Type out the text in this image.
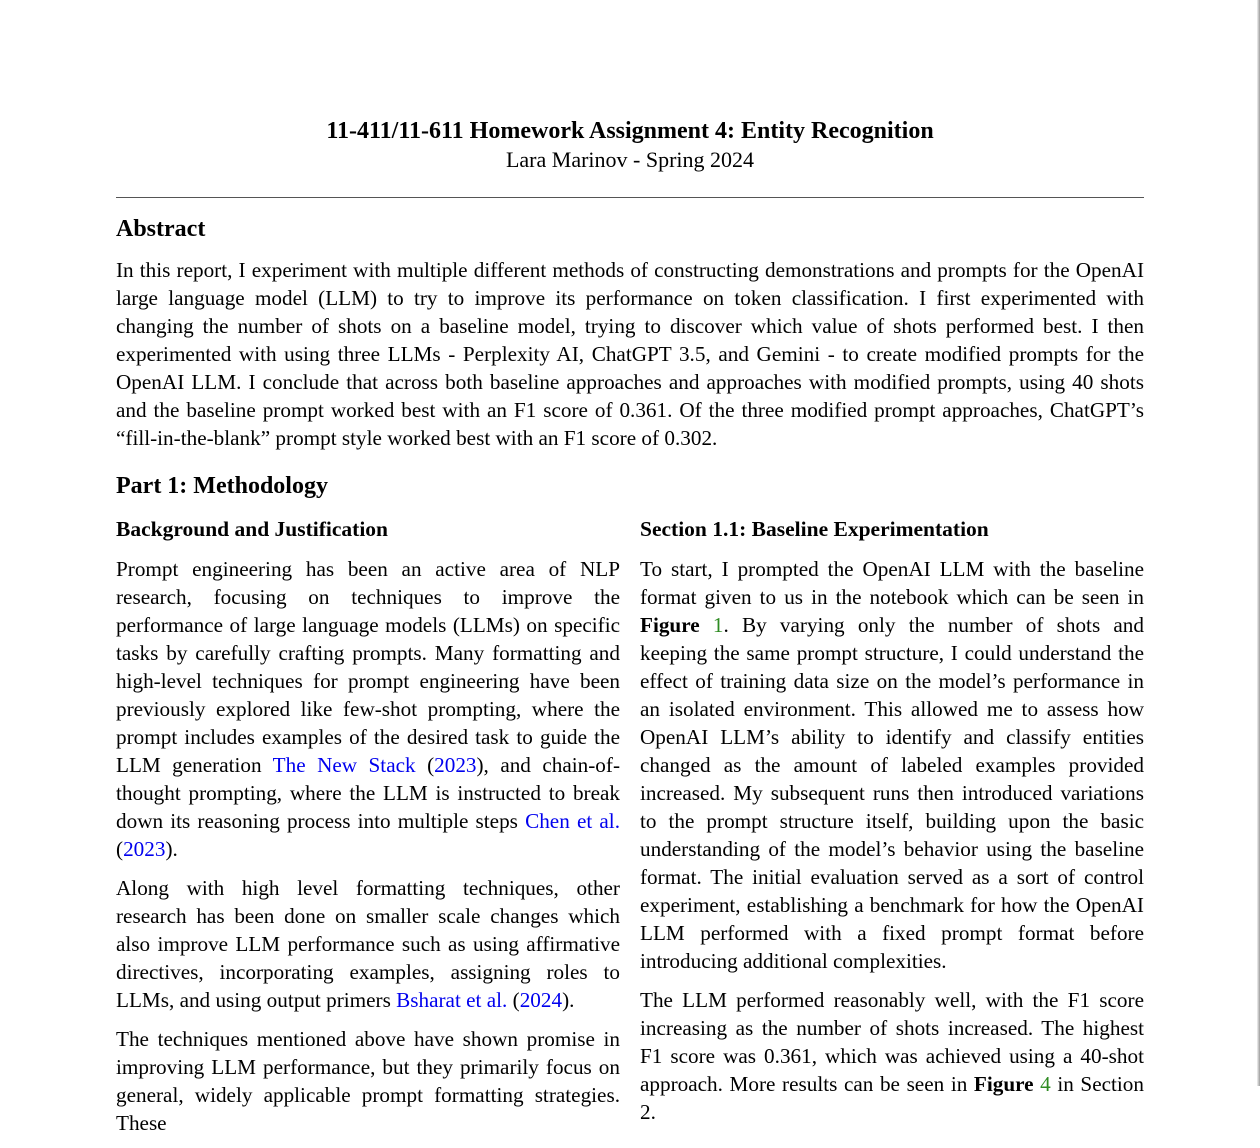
11-411/11-611 Homework Assignment 4: Entity Recognition
Lara Marinov - Spring 2024
Abstract

In this report, I experiment with multiple different methods of constructing demonstrations and prompts for the OpenAI large language model (LLM) to try to improve its performance on token classification. I first experimented with changing the number of shots on a baseline model, trying to discover which value of shots performed best. I then experimented with using three LLMs - Perplexity AI, ChatGPT 3.5, and Gemini - to create modified prompts for the OpenAI LLM. I conclude that across both baseline approaches and approaches with modified prompts, using 40 shots and the baseline prompt worked best with an F1 score of 0.361. Of the three modified prompt approaches, ChatGPT’s “fill-in-the-blank” prompt style worked best with an F1 score of 0.302.

Part 1: Methodology
Background and Justification

Prompt engineering has been an active area of NLP research, focusing on techniques to improve the performance of large language models (LLMs) on specific tasks by carefully crafting prompts. Many formatting and high-level techniques for prompt engineering have been previously explored like few-shot prompting, where the prompt includes examples of the desired task to guide the LLM generation The New Stack (2023), and chain-of-thought prompting, where the LLM is instructed to break down its reasoning process into multiple steps Chen et al. (2023).

Along with high level formatting techniques, other research has been done on smaller scale changes which also improve LLM performance such as using affirmative directives, incorporating examples, assigning roles to LLMs, and using output primers Bsharat et al. (2024).

The techniques mentioned above have shown promise in improving LLM performance, but they primarily focus on general, widely applicable prompt formatting strategies. These

Section 1.1: Baseline Experimentation

To start, I prompted the OpenAI LLM with the baseline format given to us in the notebook which can be seen in Figure 1. By varying only the number of shots and keeping the same prompt structure, I could understand the effect of training data size on the model’s performance in an isolated environment. This allowed me to assess how OpenAI LLM’s ability to identify and classify entities changed as the amount of labeled examples provided increased. My subsequent runs then introduced variations to the prompt structure itself, building upon the basic understanding of the model’s behavior using the baseline format. The initial evaluation served as a sort of control experiment, establishing a benchmark for how the OpenAI LLM performed with a fixed prompt format before introducing additional complexities.

The LLM performed reasonably well, with the F1 score increasing as the number of shots increased. The highest F1 score was 0.361, which was achieved using a 40-shot approach. More results can be seen in Figure 4 in Section 2.
